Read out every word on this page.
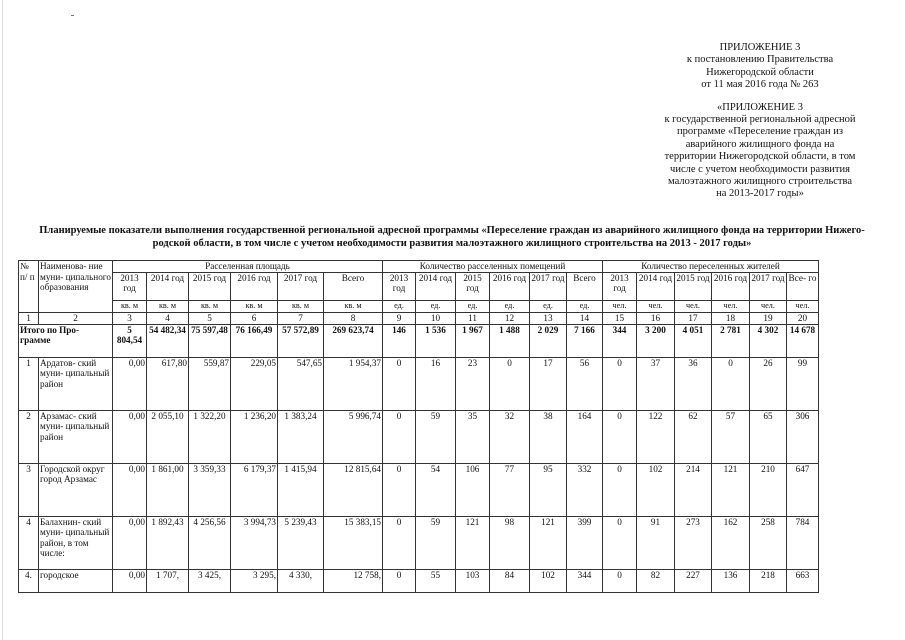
ПРИЛОЖЕНИЕ 3
к постановлению Правительства
Нижегородской области
от 11 мая 2016 года № 263
«ПРИЛОЖЕНИЕ 3
к государственной региональной адресной
программе «Переселение граждан из
аварийного жилищного фонда на
территории Нижегородской области, в том
числе с учетом необходимости развития
малоэтажного жилищного строительства
на 2013-2017 годы»
Планируемые показатели выполнения государственной региональной адресной программы «Переселение граждан из аварийного жилищного фонда на территории Нижего-
родской области, в том числе с учетом необходимости развития малоэтажного жилищного строительства на 2013 - 2017 годы»
№ п/ п	Наименова- ние муни- ципального образования	Расселенная площадь						Количество расселенных помещений						Количество переселенных жителей					
		2013 год	2014 год	2015 год	2016 год	2017 год	Всего	2013 год	2014 год	2015 год	2016 год	2017 год	Всего	2013 год	2014 год	2015 год	2016 год	2017 год	Все- го
		кв. м	кв. м	кв. м	кв. м	кв. м	кв. м	ед.	ед.	ед.	ед.	ед.	ед.	чел.	чел.	чел.	чел.	чел.	чел.
1	2	3	4	5	6	7	8	9	10	11	12	13	14	15	16	17	18	19	20
Итого по Про- грамме		5 804,54	54 482,34	75 597,48	76 166,49	57 572,89	269 623,74	146	1 536	1 967	1 488	2 029	7 166	344	3 200	4 051	2 781	4 302	14 678
1	Ардатов- ский муни- ципальный район	0,00	617,80	559,87	229,05	547,65	1 954,37	0	16	23	0	17	56	0	37	36	0	26	99
2	Арзамас- ский муни- ципальный район	0,00	2 055,10	1 322,20	1 236,20	1 383,24	5 996,74	0	59	35	32	38	164	0	122	62	57	65	306
3	Городской округ город Арзамас	0,00	1 861,00	3 359,33	6 179,37	1 415,94	12 815,64	0	54	106	77	95	332	0	102	214	121	210	647
4	Балахнин- ский муни- ципальный район, в том числе:	0,00	1 892,43	4 256,56	3 994,73	5 239,43	15 383,15	0	59	121	98	121	399	0	91	273	162	258	784
4.	городское	0,00	1 707,	3 425,	3 295,	4 330,	12 758,	0	55	103	84	102	344	0	82	227	136	218	663
